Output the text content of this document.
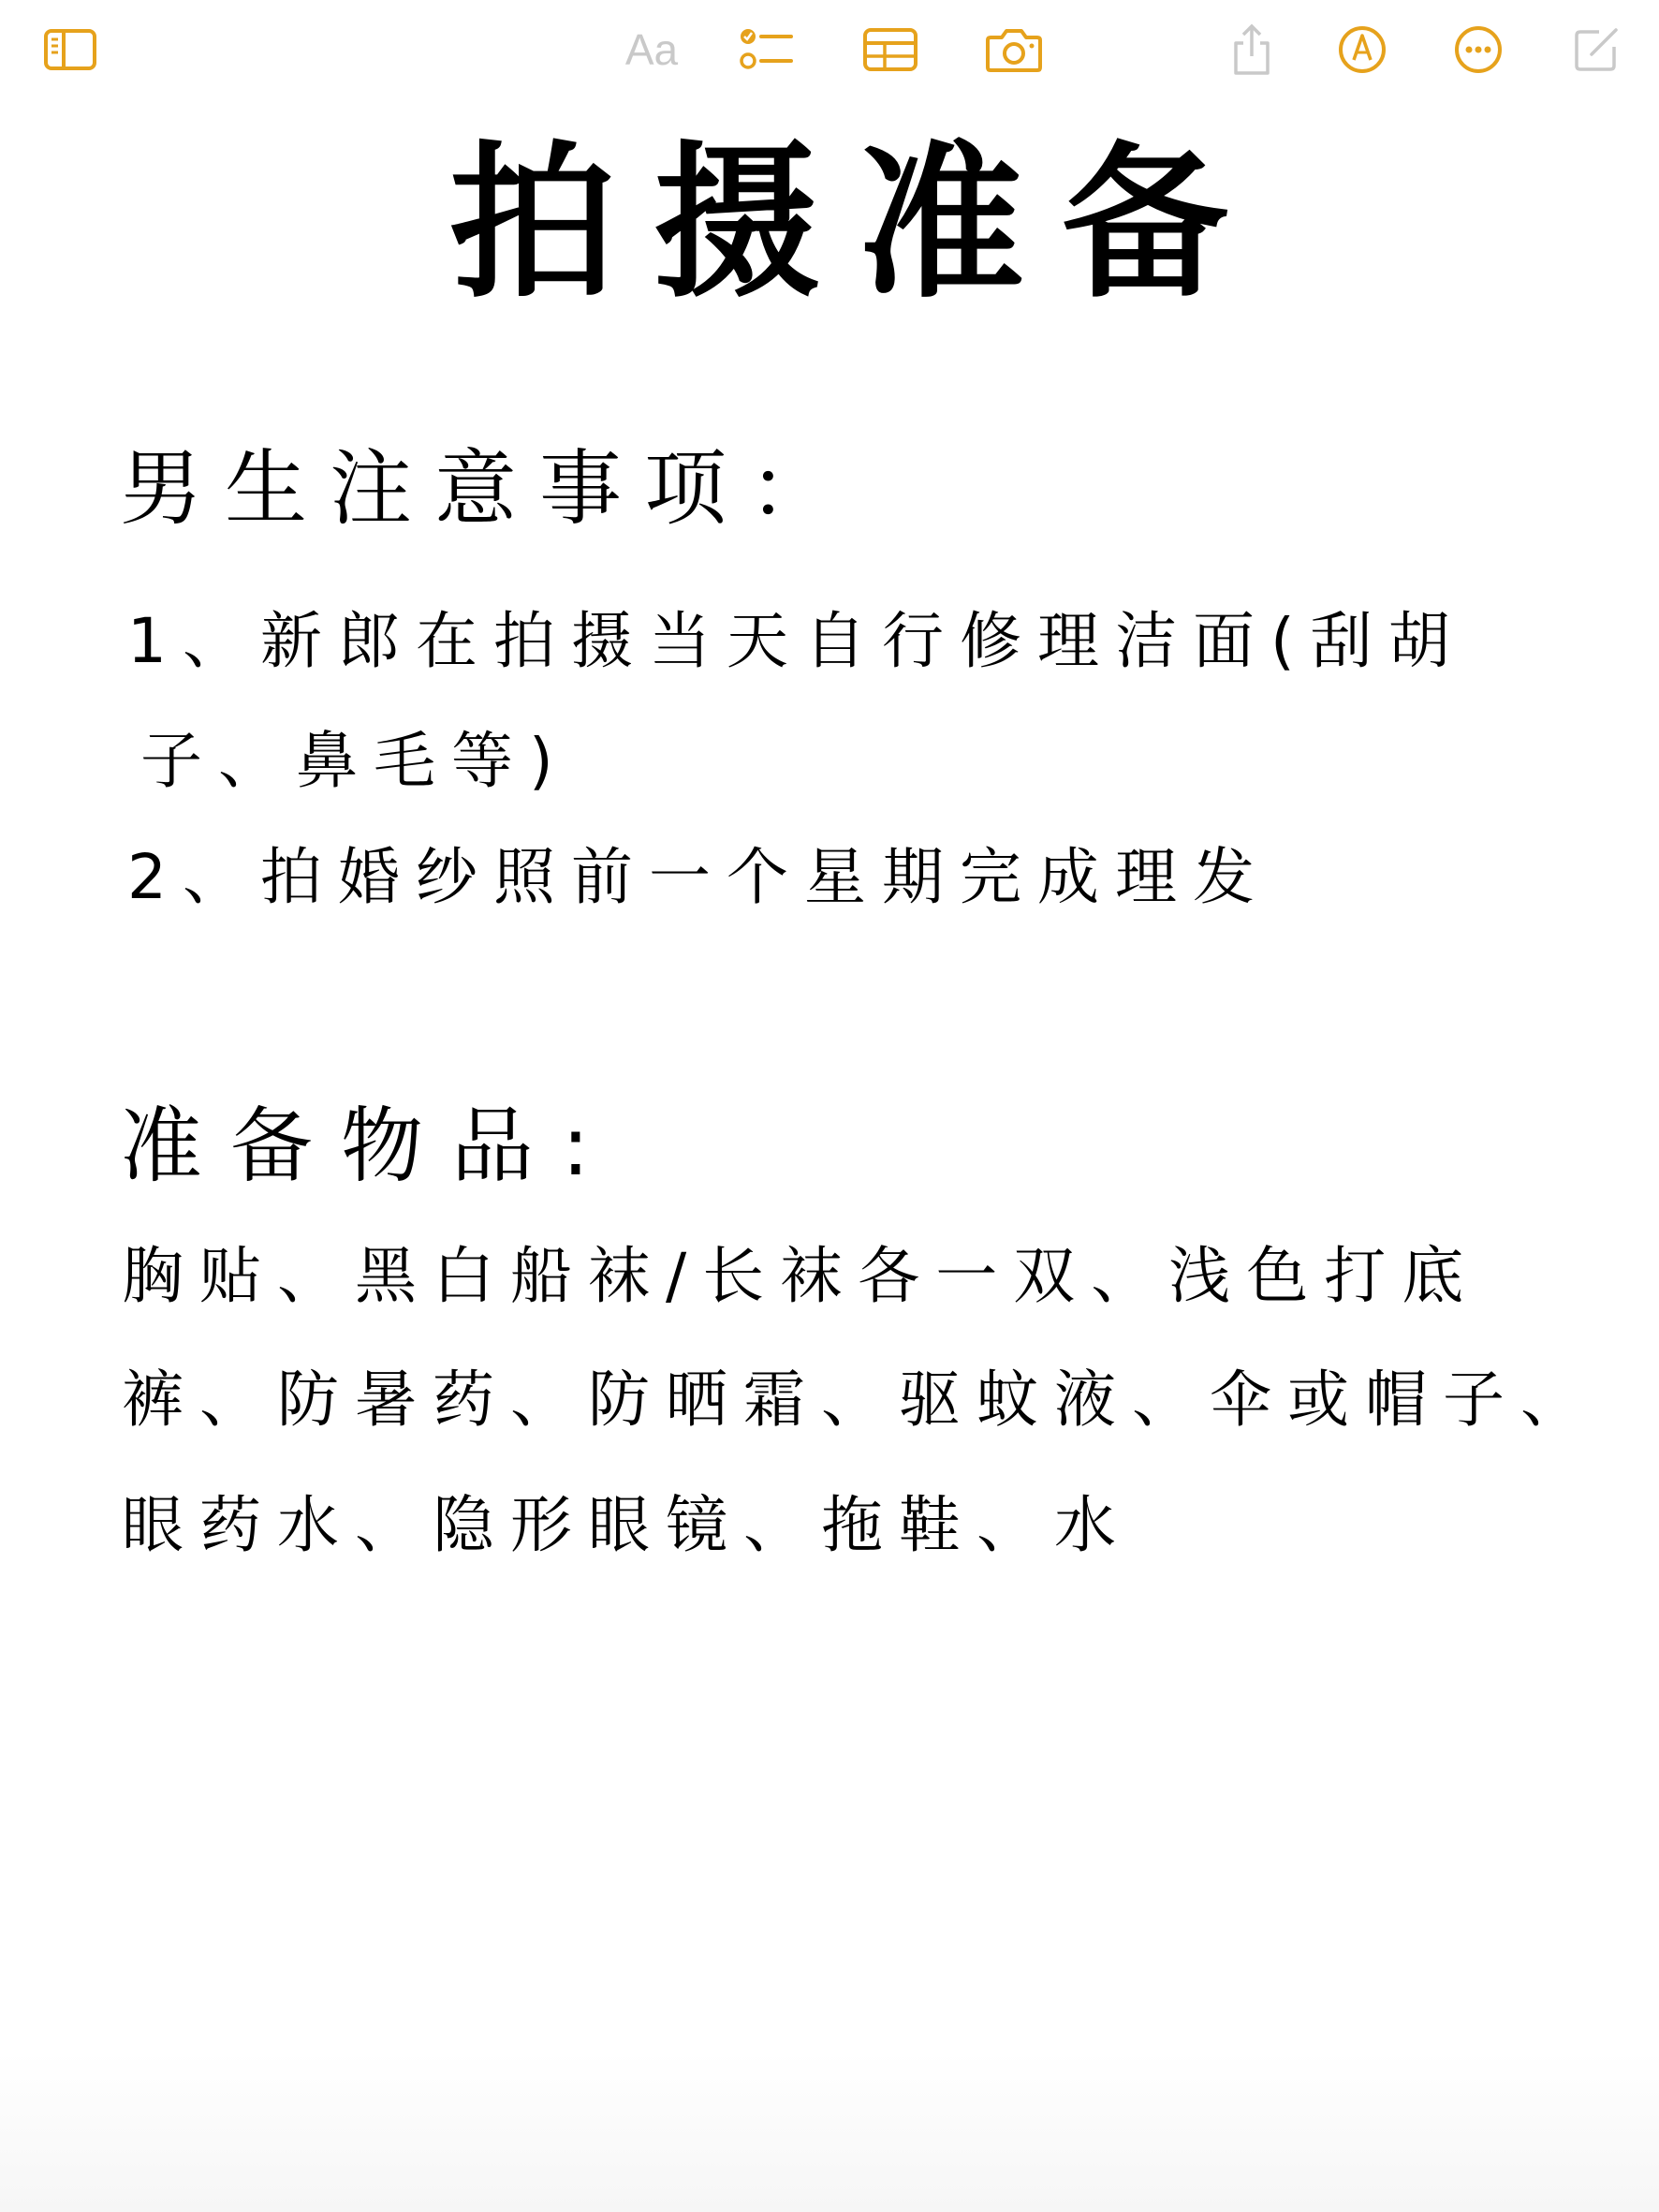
Aa
拍摄准备
男生注意事项：
1、新郎在拍摄当天自行修理洁面(刮胡
子、鼻毛等)
2、拍婚纱照前一个星期完成理发
准备物品:
胸贴、黑白船袜/长袜各一双、浅色打底
裤、防暑药、防晒霜、驱蚊液、伞或帽子、
眼药水、隐形眼镜、拖鞋、水
